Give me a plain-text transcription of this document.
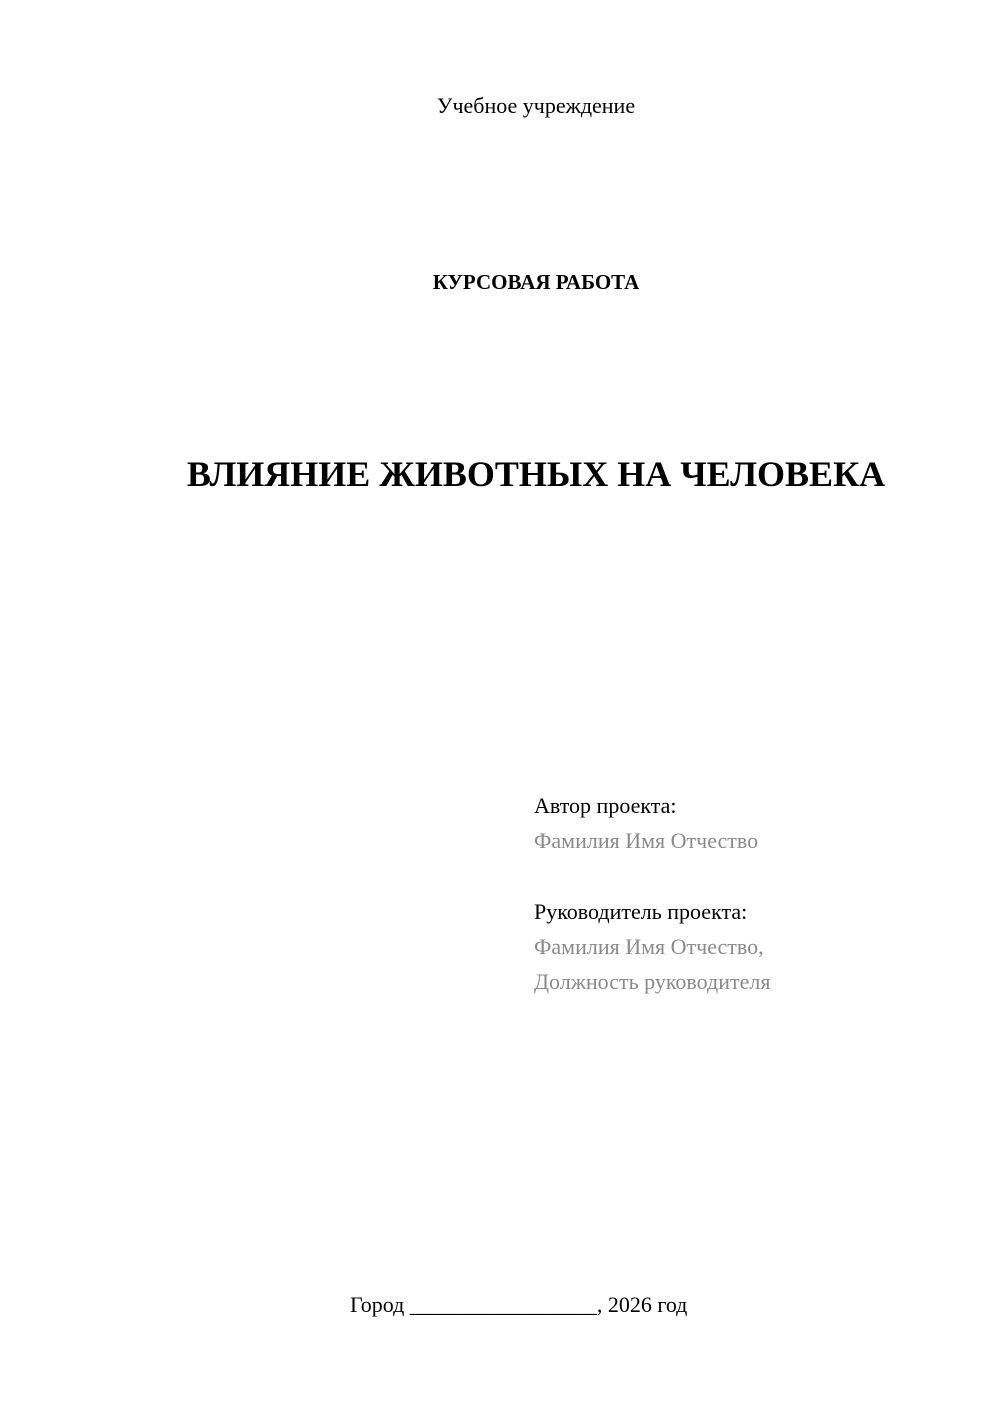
Учебное учреждение
КУРСОВАЯ РАБОТА
ВЛИЯНИЕ ЖИВОТНЫХ НА ЧЕЛОВЕКА
Автор проекта:
Фамилия Имя Отчество
Руководитель проекта:
Фамилия Имя Отчество,
Должность руководителя
Город _________________, 2026 год
